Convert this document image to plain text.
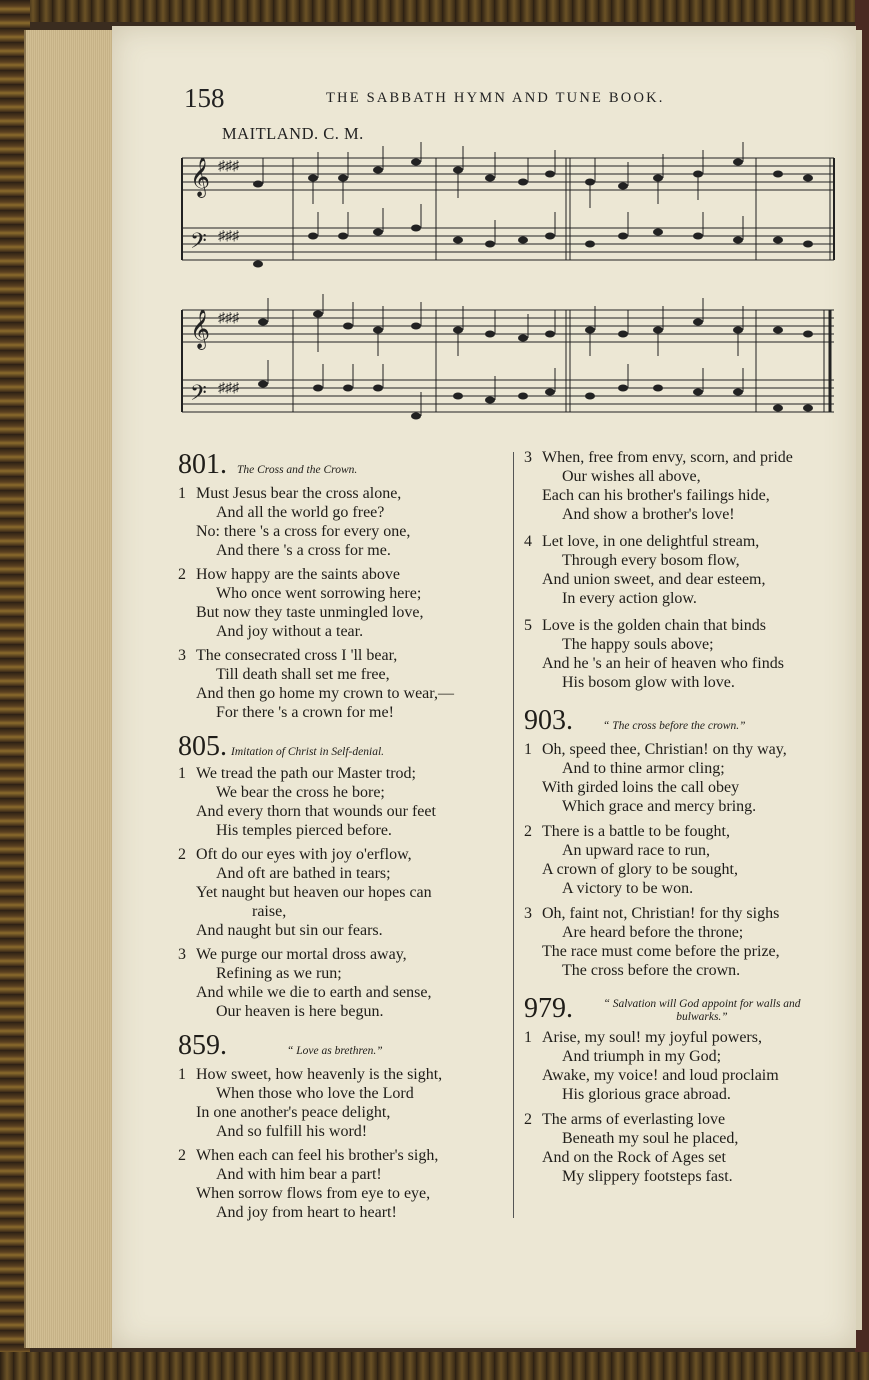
158	THE SABBATH HYMN AND TUNE BOOK.
MAITLAND. C. M.
𝄞
𝄢
♯♯♯
♯♯♯
𝄞
𝄢
♯♯♯
♯♯♯
801. The Cross and the Crown.
1 Must Jesus bear the cross alone,
And all the world go free?
No: there 's a cross for every one,
And there 's a cross for me.
2 How happy are the saints above
Who once went sorrowing here;
But now they taste unmingled love,
And joy without a tear.
3 The consecrated cross I 'll bear,
Till death shall set me free,
And then go home my crown to wear,—
For there 's a crown for me!
805. Imitation of Christ in Self-denial.
1 We tread the path our Master trod;
We bear the cross he bore;
And every thorn that wounds our feet
His temples pierced before.
2 Oft do our eyes with joy o'erflow,
And oft are bathed in tears;
Yet naught but heaven our hopes can
raise,
And naught but sin our fears.
3 We purge our mortal dross away,
Refining as we run;
And while we die to earth and sense,
Our heaven is here begun.
859.	“ Love as brethren.”
1 How sweet, how heavenly is the sight,
When those who love the Lord
In one another's peace delight,
And so fulfill his word!
2 When each can feel his brother's sigh,
And with him bear a part!
When sorrow flows from eye to eye,
And joy from heart to heart!
3 When, free from envy, scorn, and pride
Our wishes all above,
Each can his brother's failings hide,
And show a brother's love!
4 Let love, in one delightful stream,
Through every bosom flow,
And union sweet, and dear esteem,
In every action glow.
5 Love is the golden chain that binds
The happy souls above;
And he 's an heir of heaven who finds
His bosom glow with love.
903.	“ The cross before the crown.”
1 Oh, speed thee, Christian! on thy way,
And to thine armor cling;
With girded loins the call obey
Which grace and mercy bring.
2 There is a battle to be fought,
An upward race to run,
A crown of glory to be sought,
A victory to be won.
3 Oh, faint not, Christian! for thy sighs
Are heard before the throne;
The race must come before the prize,
The cross before the crown.
979.	“ Salvation will God appoint for walls and bulwarks.”
1 Arise, my soul! my joyful powers,
And triumph in my God;
Awake, my voice! and loud proclaim
His glorious grace abroad.
2 The arms of everlasting love
Beneath my soul he placed,
And on the Rock of Ages set
My slippery footsteps fast.
